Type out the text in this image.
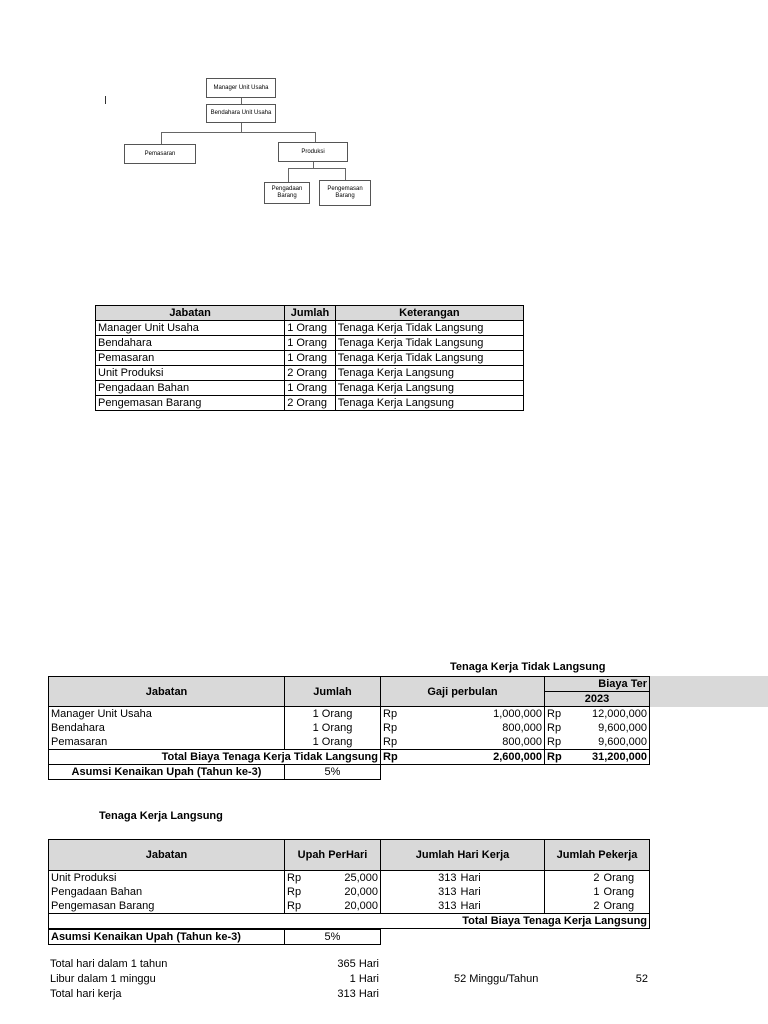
Manager Unit Usaha
Bendahara Unit Usaha
Pemasaran	Produksi
Pengadaan Barang
Pengemasan Barang
Jabatan	Jumlah	Keterangan
Manager Unit Usaha	1 Orang	Tenaga Kerja Tidak Langsung
Bendahara	1 Orang	Tenaga Kerja Tidak Langsung
Pemasaran	1 Orang	Tenaga Kerja Tidak Langsung
Unit Produksi	2 Orang	Tenaga Kerja Langsung
Pengadaan Bahan	1 Orang	Tenaga Kerja Langsung
Pengemasan Barang	2 Orang	Tenaga Kerja Langsung
Tenaga Kerja Tidak Langsung
Jabatan	Jumlah	Gaji perbulan		Biaya Ter	
				2023	
Manager Unit Usaha	1 Orang	Rp	1,000,000	Rp	12,000,000
Bendahara	1 Orang	Rp	800,000	Rp	9,600,000
Pemasaran	1 Orang	Rp	800,000	Rp	9,600,000
Total Biaya Tenaga Kerja Tidak Langsung		Rp	2,600,000	Rp	31,200,000
Asumsi Kenaikan Upah (Tahun ke-3)	5%				
Tenaga Kerja Langsung
Jabatan	Upah PerHari		Jumlah Hari Kerja		Jumlah Pekerja	
Unit Produksi	Rp	25,000	313	Hari	2	Orang
Pengadaan Bahan	Rp	20,000	313	Hari	1	Orang
Pengemasan Barang	Rp	20,000	313	Hari	2	Orang
Total Biaya Tenaga Kerja Langsung						

Asumsi Kenaikan Upah (Tahun ke-3)	5%
Total hari dalam 1 tahun	365 Hari
Libur dalam 1 minggu	1 Hari	52 Minggu/Tahun	52
Total hari kerja	313 Hari
